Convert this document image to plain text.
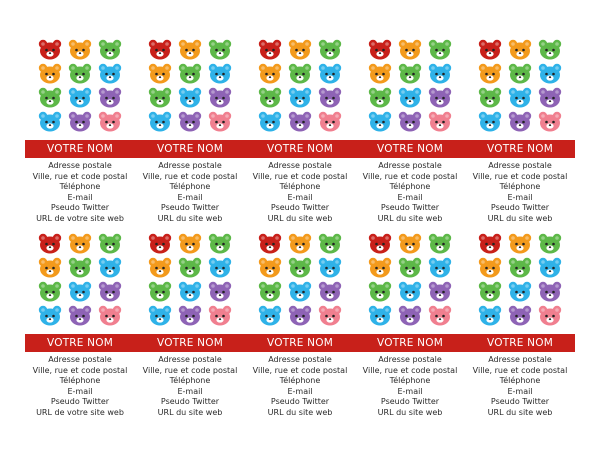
VOTRE NOM
Adresse postale
Ville, rue et code postal
Téléphone
E-mail
Pseudo Twitter
URL de votre site web
VOTRE NOM
Adresse postale
Ville, rue et code postal
Téléphone
E-mail
Pseudo Twitter
URL du site web
VOTRE NOM
Adresse postale
Ville, rue et code postal
Téléphone
E-mail
Pseudo Twitter
URL du site web
VOTRE NOM
Adresse postale
Ville, rue et code postal
Téléphone
E-mail
Pseudo Twitter
URL du site web
VOTRE NOM
Adresse postale
Ville, rue et code postal
Téléphone
E-mail
Pseudo Twitter
URL du site web
VOTRE NOM
Adresse postale
Ville, rue et code postal
Téléphone
E-mail
Pseudo Twitter
URL de votre site web
VOTRE NOM
Adresse postale
Ville, rue et code postal
Téléphone
E-mail
Pseudo Twitter
URL du site web
VOTRE NOM
Adresse postale
Ville, rue et code postal
Téléphone
E-mail
Pseudo Twitter
URL du site web
VOTRE NOM
Adresse postale
Ville, rue et code postal
Téléphone
E-mail
Pseudo Twitter
URL du site web
VOTRE NOM
Adresse postale
Ville, rue et code postal
Téléphone
E-mail
Pseudo Twitter
URL du site web
